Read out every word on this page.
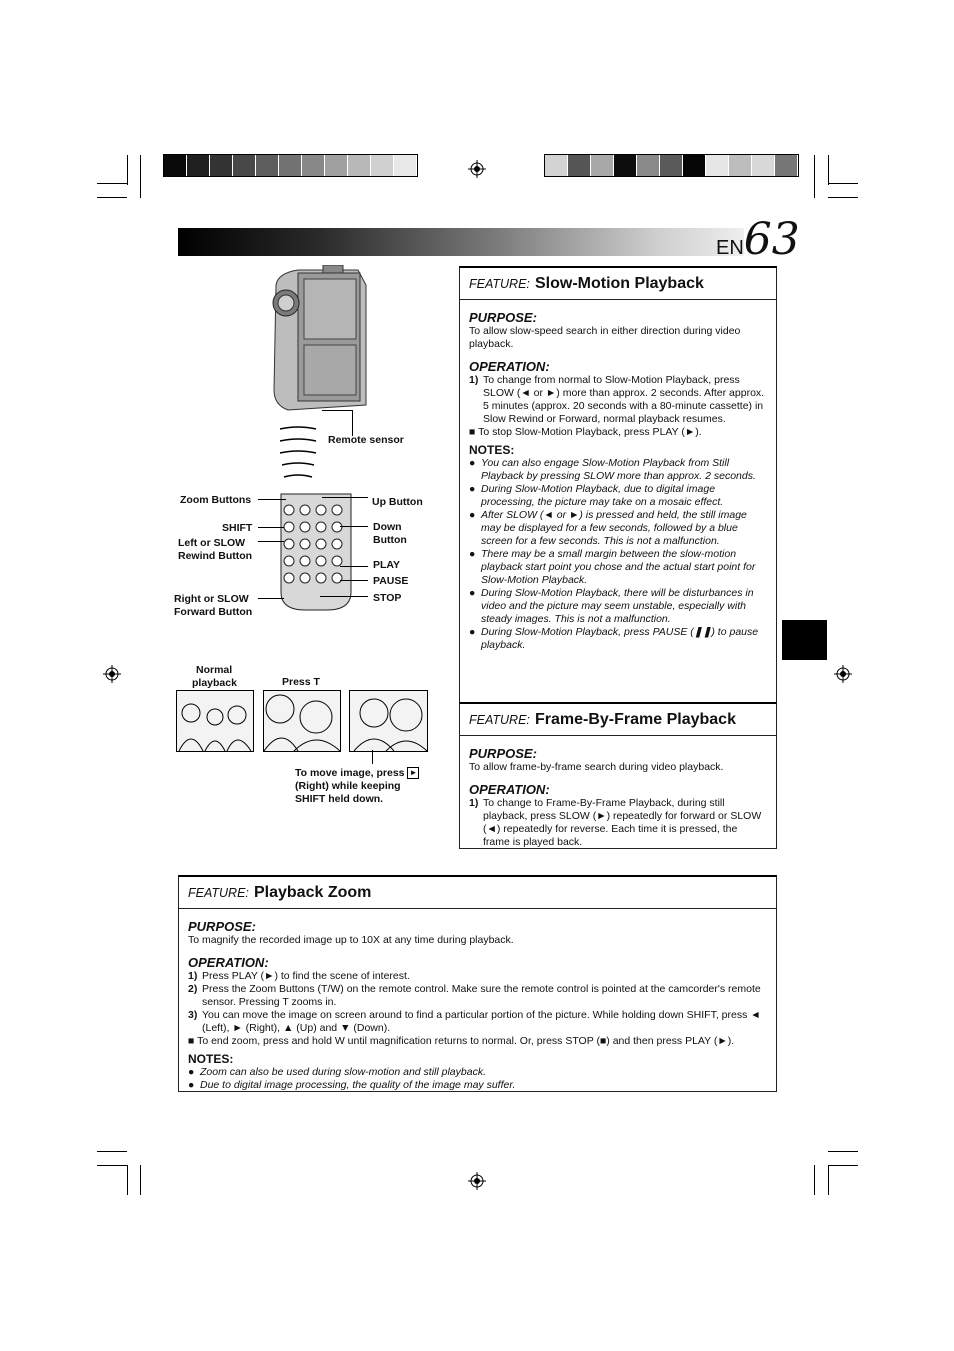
EN63
Remote sensor
Zoom Buttons
SHIFT
Left or SLOW
Rewind Button
Right or SLOW
Forward Button
Up Button
Down
Button
PLAY
PAUSE
STOP
Normal
playback	Press T
To move image, press ►
(Right) while keeping
SHIFT held down.
FEATURE: Slow-Motion Playback
PURPOSE:
To allow slow-speed search in either direction during video playback.
OPERATION:
1) To change from normal to Slow-Motion Playback, press SLOW (◄ or ►) more than approx. 2 seconds. After approx. 5 minutes (approx. 20 seconds with a 80-minute cassette) in Slow Rewind or Forward, normal playback resumes.
■ To stop Slow-Motion Playback, press PLAY (►).
NOTES:
● You can also engage Slow-Motion Playback from Still Playback by pressing SLOW more than approx. 2 seconds.
● During Slow-Motion Playback, due to digital image processing, the picture may take on a mosaic effect.
● After SLOW (◄ or ►) is pressed and held, the still image may be displayed for a few seconds, followed by a blue screen for a few seconds. This is not a malfunction.
● There may be a small margin between the slow-motion playback start point you chose and the actual start point for Slow-Motion Playback.
● During Slow-Motion Playback, there will be disturbances in video and the picture may seem unstable, especially with steady images. This is not a malfunction.
● During Slow-Motion Playback, press PAUSE (❚❚) to pause playback.
FEATURE: Frame-By-Frame Playback
PURPOSE:
To allow frame-by-frame search during video playback.
OPERATION:
1) To change to Frame-By-Frame Playback, during still playback, press SLOW (►) repeatedly for forward or SLOW (◄) repeatedly for reverse. Each time it is pressed, the frame is played back.
FEATURE: Playback Zoom
PURPOSE:
To magnify the recorded image up to 10X at any time during playback.
OPERATION:
1) Press PLAY (►) to find the scene of interest.
2) Press the Zoom Buttons (T/W) on the remote control. Make sure the remote control is pointed at the camcorder's remote sensor. Pressing T zooms in.
3) You can move the image on screen around to find a particular portion of the picture. While holding down SHIFT, press ◄ (Left), ► (Right), ▲ (Up) and ▼ (Down).
■ To end zoom, press and hold W until magnification returns to normal. Or, press STOP (■) and then press PLAY (►).
NOTES:
● Zoom can also be used during slow-motion and still playback.
● Due to digital image processing, the quality of the image may suffer.
